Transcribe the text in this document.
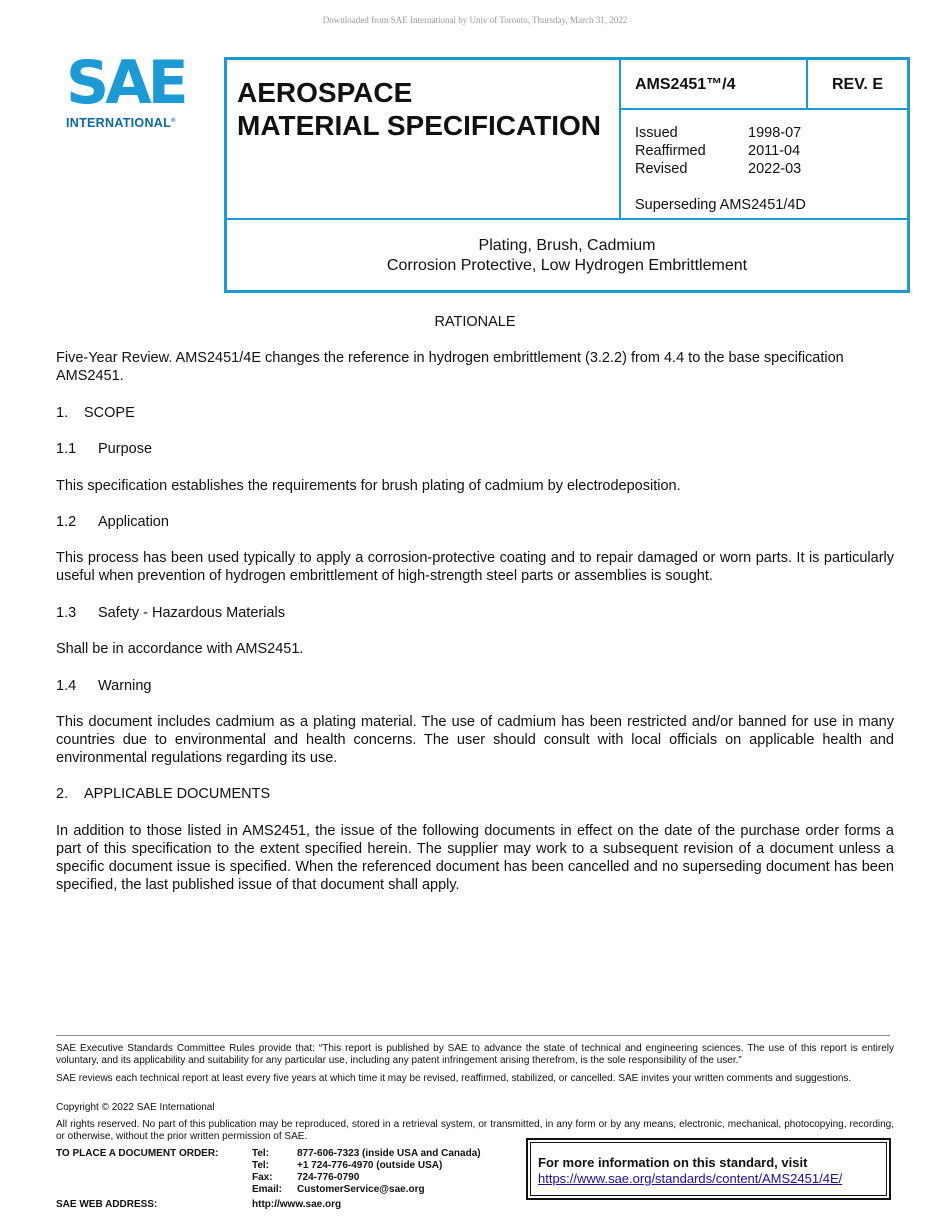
Downloaded from SAE International by Univ of Toronto, Thursday, March 31, 2022
SAE
INTERNATIONAL®
AEROSPACE
MATERIAL SPECIFICATION
AMS2451™/4	REV. E
Issued	1998-07
Reaffirmed	2011-04
Revised	2022-03
Superseding AMS2451/4D
Plating, Brush, Cadmium
Corrosion Protective, Low Hydrogen Embrittlement
RATIONALE
Five-Year Review. AMS2451/4E changes the reference in hydrogen embrittlement (3.2.2) from 4.4 to the base specification AMS2451.
1.	SCOPE
1.1	Purpose
This specification establishes the requirements for brush plating of cadmium by electrodeposition.
1.2	Application
This process has been used typically to apply a corrosion-protective coating and to repair damaged or worn parts. It is particularly useful when prevention of hydrogen embrittlement of high-strength steel parts or assemblies is sought.
1.3	Safety - Hazardous Materials
Shall be in accordance with AMS2451.
1.4	Warning
This document includes cadmium as a plating material. The use of cadmium has been restricted and/or banned for use in many countries due to environmental and health concerns. The user should consult with local officials on applicable health and environmental regulations regarding its use.
2.	APPLICABLE DOCUMENTS
In addition to those listed in AMS2451, the issue of the following documents in effect on the date of the purchase order forms a part of this specification to the extent specified herein. The supplier may work to a subsequent revision of a document unless a specific document issue is specified. When the referenced document has been cancelled and no superseding document has been specified, the last published issue of that document shall apply.
SAE Executive Standards Committee Rules provide that: “This report is published by SAE to advance the state of technical and engineering sciences. The use of this report is entirely voluntary, and its applicability and suitability for any particular use, including any patent infringement arising therefrom, is the sole responsibility of the user.”
SAE reviews each technical report at least every five years at which time it may be revised, reaffirmed, stabilized, or cancelled. SAE invites your written comments and suggestions.
Copyright © 2022 SAE International
All rights reserved. No part of this publication may be reproduced, stored in a retrieval system, or transmitted, in any form or by any means, electronic, mechanical, photocopying, recording, or otherwise, without the prior written permission of SAE.
TO PLACE A DOCUMENT ORDER:	Tel:	877-606-7323 (inside USA and Canada)
Tel:	+1 724-776-4970 (outside USA)
Fax:	724-776-0790
Email:	CustomerService@sae.org
SAE WEB ADDRESS:	http://www.sae.org
For more information on this standard, visit
https://www.sae.org/standards/content/AMS2451/4E/
